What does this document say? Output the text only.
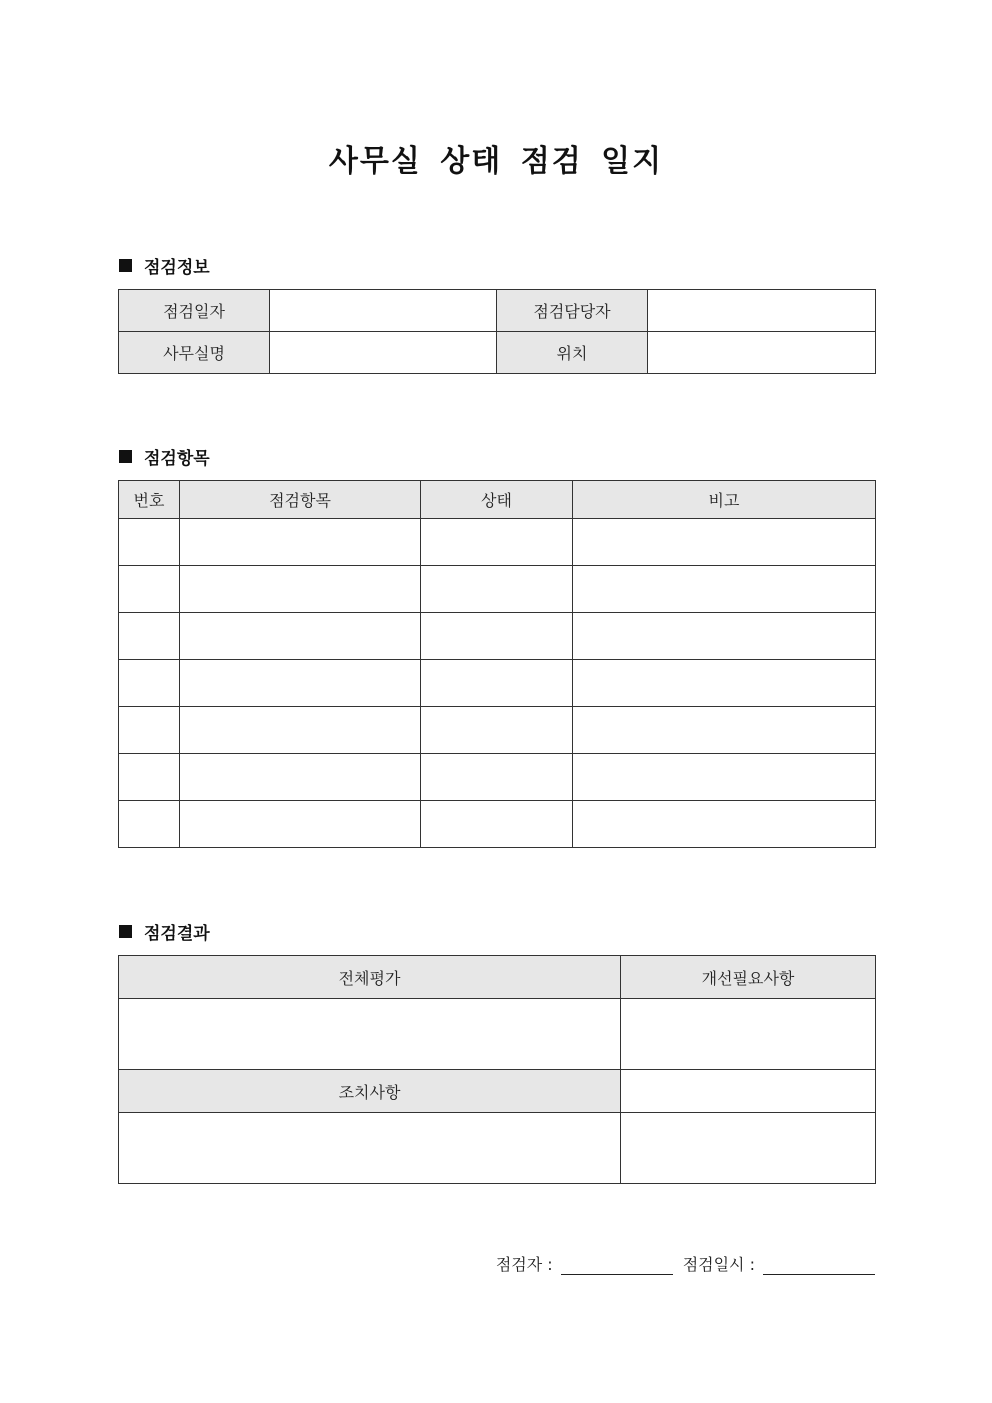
사무실 상태 점검 일지
점검정보
점검일자		점검담당자	
사무실명		위치	
점검항목
번호	점검항목	상태	비고

점검결과
전체평가	개선필요사항

조치사항	

점검자 :	점검일시 :
